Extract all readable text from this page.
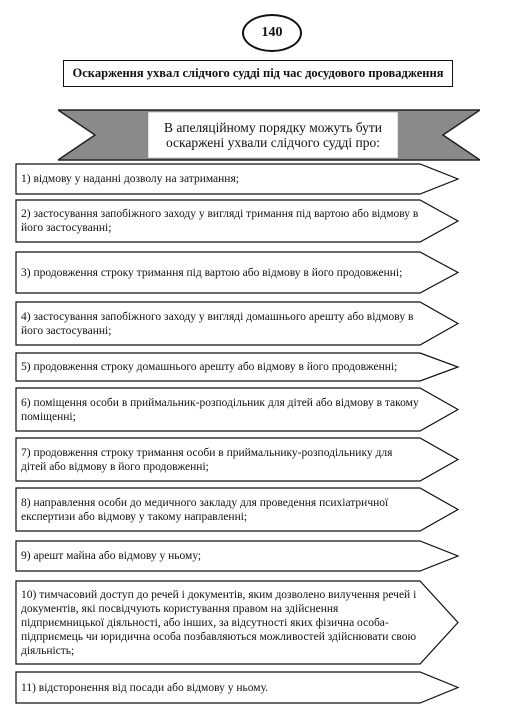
140
Оскарження ухвал слідчого судді під час досудового провадження
В апеляційному порядку можуть бути оскаржені ухвали слідчого судді про:
1) відмову у наданні дозволу на затримання;
2) застосування запобіжного заходу у вигляді тримання під вартою або відмову в його застосуванні;
3) продовження строку тримання під вартою або відмову в його продовженні;
4) застосування запобіжного заходу у вигляді домашнього арешту або відмову в його застосуванні;
5) продовження строку домашнього арешту або відмову в його продовженні;
6) поміщення особи в приймальник-розподільник для дітей або відмову в такому поміщенні;
7) продовження строку тримання особи в приймальнику-розподільнику для дітей або відмову в його продовженні;
8) направлення особи до медичного закладу для проведення психіатричної експертизи або відмову у такому направленні;
9) арешт майна або відмову у ньому;
10) тимчасовий доступ до речей і документів, яким дозволено вилучення речей і документів, які посвідчують користування правом на здійснення підприємницької діяльності, або інших, за відсутності яких фізична особа-підприємець чи юридична особа позбавляються можливостей здійснювати свою діяльність;
11) відсторонення від посади або відмову у ньому.
